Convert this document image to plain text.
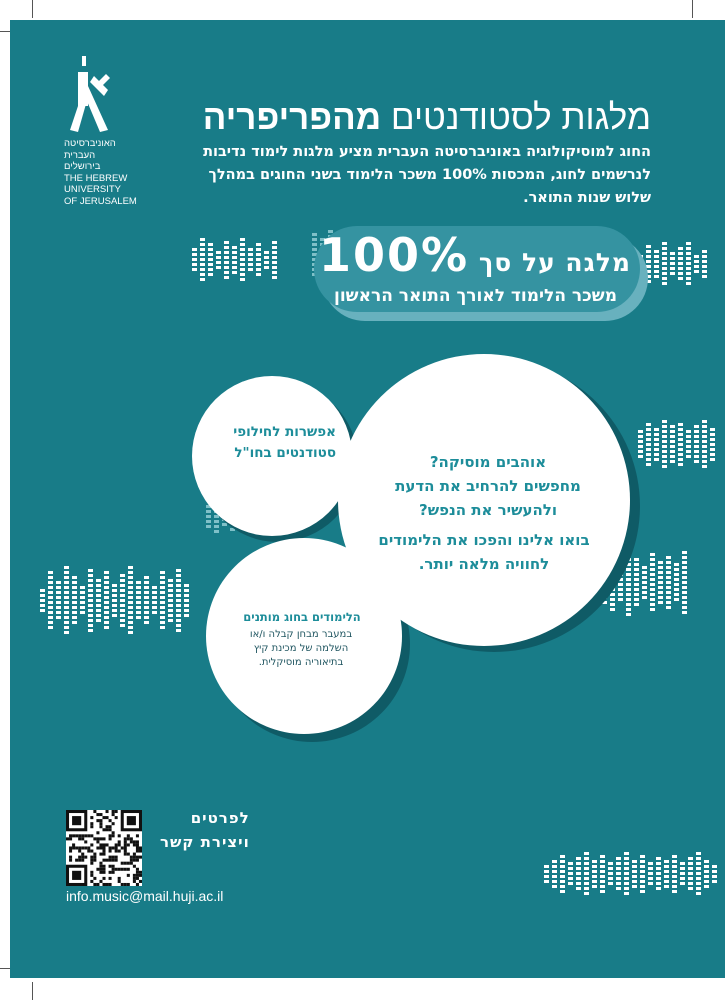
האוניברסיטה
העברית
בירושלים
THE HEBREW
UNIVERSITY
OF JERUSALEM
מלגות לסטודנטים מהפריפריה
החוג למוסיקולוגיה באוניברסיטה העברית מציע מלגות לימוד נדיבות לנרשמים לחוג, המכסות 100% משכר הלימוד בשני החוגים במהלך שלוש שנות התואר.
מלגה על סך 100%
משכר הלימוד לאורך התואר הראשון
אפשרות לחילופי סטודנטים בחו"ל	אוהבים מוסיקה?
מחפשים להרחיב את הדעת
ולהעשיר את הנפש?
בואו אלינו והפכו את הלימודים
לחוויה מלאה יותר.
הלימודים בחוג מותנים
במעבר מבחן קבלה ו/או
השלמה של מכינת קיץ
בתיאוריה מוסיקלית.
לפרטים
ויצירת קשר
info.music@mail.huji.ac.il
